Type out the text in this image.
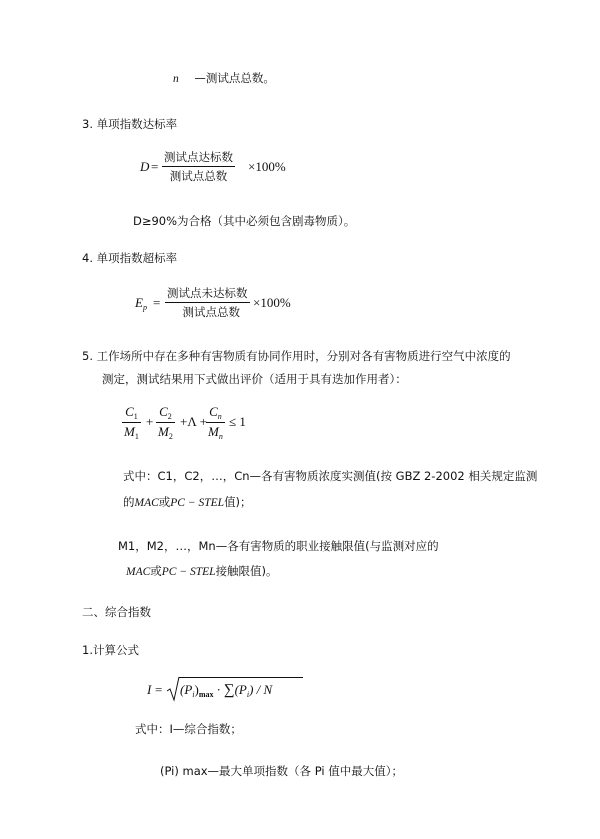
n —测试点总数。
3. 单项指数达标率
D =
测试点达标数
测试点总数
×100%
D≥90%为合格（其中必须包含剧毒物质）。
4. 单项指数超标率
$E_p$ =
测试点未达标数
测试点总数
×100%
5. 工作场所中存在多种有害物质有协同作用时，分别对各有害物质进行空气中浓度的
测定，测试结果用下式做出评价（适用于具有迭加作用者）：
$\frac{C_1}{M_1} + \frac{C_2}{M_2} +\Lambda$ +
$\frac{C_n}{M_n} \le 1$
式中：C1，C2，…，Cn—各有害物质浓度实测值(按 GBZ 2-2002 相关规定监测
的MAC或PC − STEL值)；
M1，M2，…，Mn—各有害物质的职业接触限值(与监测对应的
MAC或PC − STEL接触限值)。
二、综合指数
1.计算公式
$I = (P_i)_{max} \cdot \sum(P_i) / N$
式中：I—综合指数；
(Pi) max—最大单项指数（各 Pi 值中最大值）；
